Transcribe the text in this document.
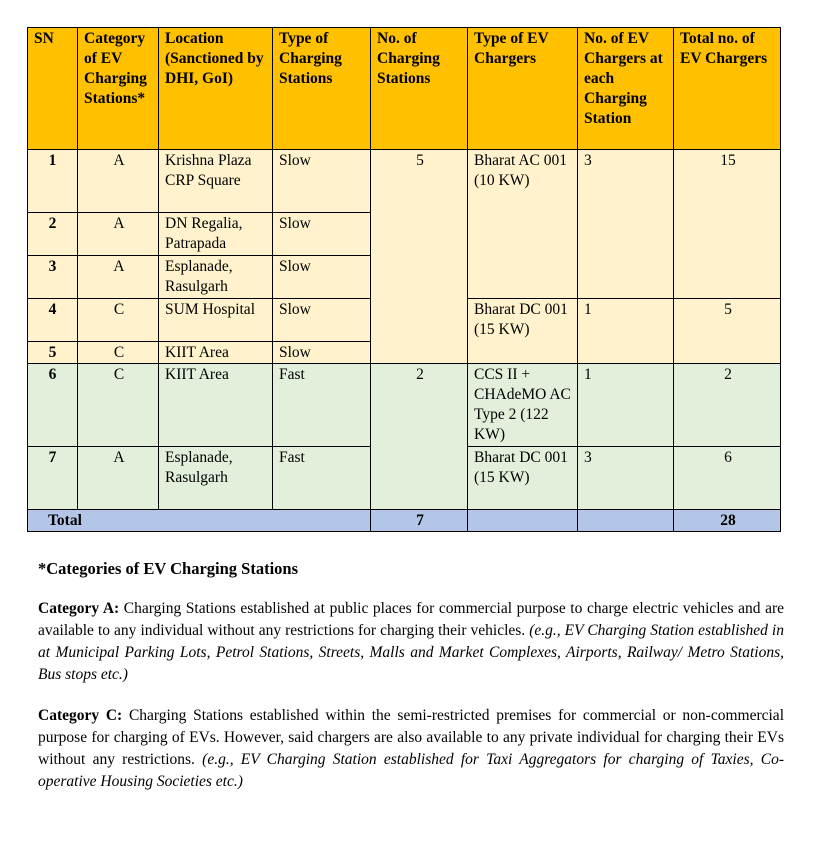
SN	Category of EV Charging Stations*	Location (Sanctioned by DHI, GoI)	Type of Charging Stations	No. of Charging Stations	Type of EV Chargers	No. of EV Chargers at each Charging Station	Total no. of EV Chargers
1	A	Krishna Plaza CRP Square	Slow	5	Bharat AC 001 (10 KW)	3	15
2	A	DN Regalia, Patrapada	Slow				
3	A	Esplanade, Rasulgarh	Slow				
4	C	SUM Hospital	Slow		Bharat DC 001 (15 KW)	1	5
5	C	KIIT Area	Slow				
6	C	KIIT Area	Fast	2	CCS II + CHAdeMO AC Type 2 (122 KW)	1	2
7	A	Esplanade, Rasulgarh	Fast		Bharat DC 001 (15 KW)	3	6
Total				7			28
*Categories of EV Charging Stations

Category A: Charging Stations established at public places for commercial purpose to charge electric vehicles and are available to any individual without any restrictions for charging their vehicles. (e.g., EV Charging Station established in at Municipal Parking Lots, Petrol Stations, Streets, Malls and Market Complexes, Airports, Railway/ Metro Stations, Bus stops etc.)

Category C: Charging Stations established within the semi-restricted premises for commercial or non-commercial purpose for charging of EVs. However, said chargers are also available to any private individual for charging their EVs without any restrictions. (e.g., EV Charging Station established for Taxi Aggregators for charging of Taxies, Co-operative Housing Societies etc.)
